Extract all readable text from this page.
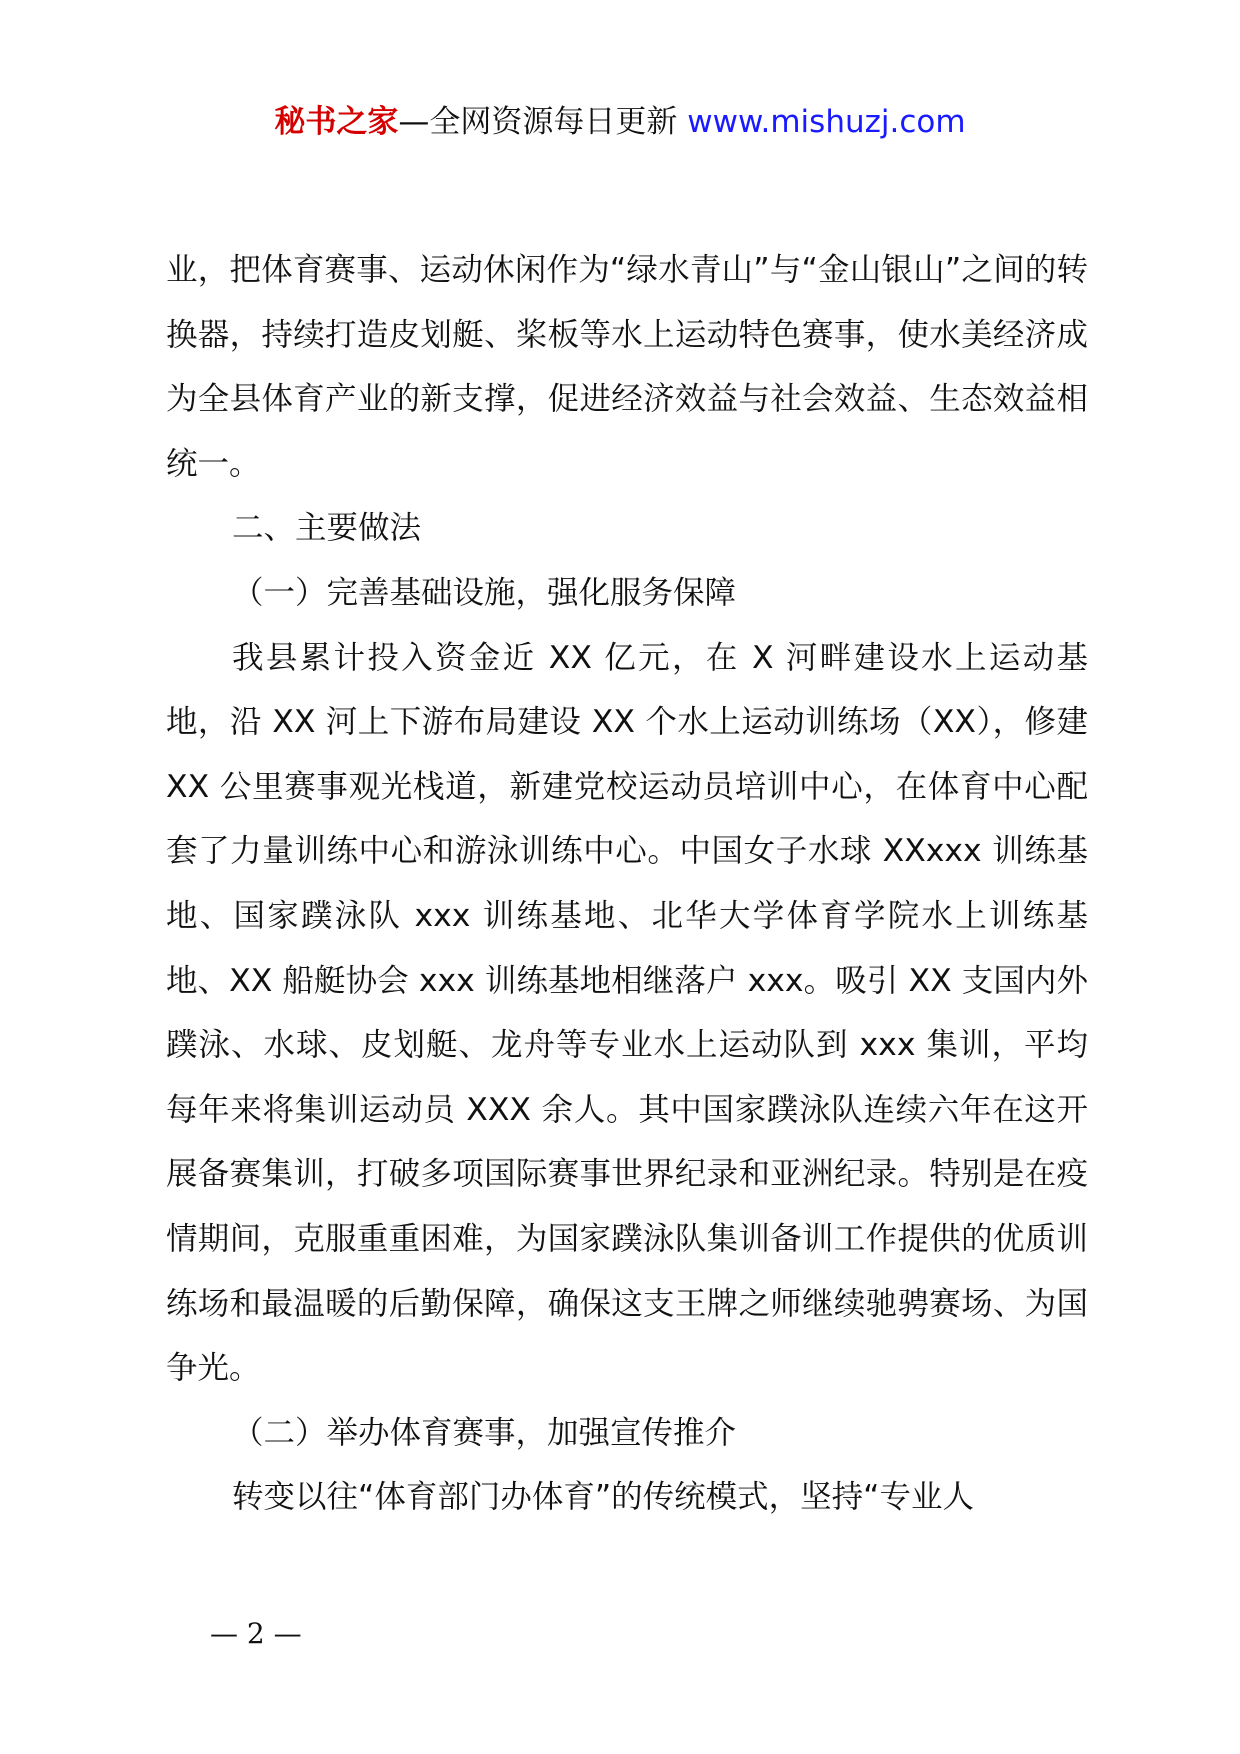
秘书之家—全网资源每日更新 www.mishuzj.com

业，把体育赛事、运动休闲作为“绿水青山”与“金山银山”之间的转换器，持续打造皮划艇、桨板等水上运动特色赛事，使水美经济成为全县体育产业的新支撑，促进经济效益与社会效益、生态效益相统一。

二、主要做法

（一）完善基础设施，强化服务保障

我县累计投入资金近 XX 亿元，在 X 河畔建设水上运动基地，沿 XX 河上下游布局建设 XX 个水上运动训练场（XX），修建 XX 公里赛事观光栈道，新建党校运动员培训中心，在体育中心配套了力量训练中心和游泳训练中心。中国女子水球 XXxxx 训练基地、国家蹼泳队 xxx 训练基地、北华大学体育学院水上训练基地、XX 船艇协会 xxx 训练基地相继落户 xxx。吸引 XX 支国内外蹼泳、水球、皮划艇、龙舟等专业水上运动队到 xxx 集训，平均每年来将集训运动员 XXX 余人。其中国家蹼泳队连续六年在这开展备赛集训，打破多项国际赛事世界纪录和亚洲纪录。特别是在疫情期间，克服重重困难，为国家蹼泳队集训备训工作提供的优质训练场和最温暖的后勤保障，确保这支王牌之师继续驰骋赛场、为国争光。

（二）举办体育赛事，加强宣传推介

转变以往“体育部门办体育”的传统模式，坚持“专业人

— 2 —
